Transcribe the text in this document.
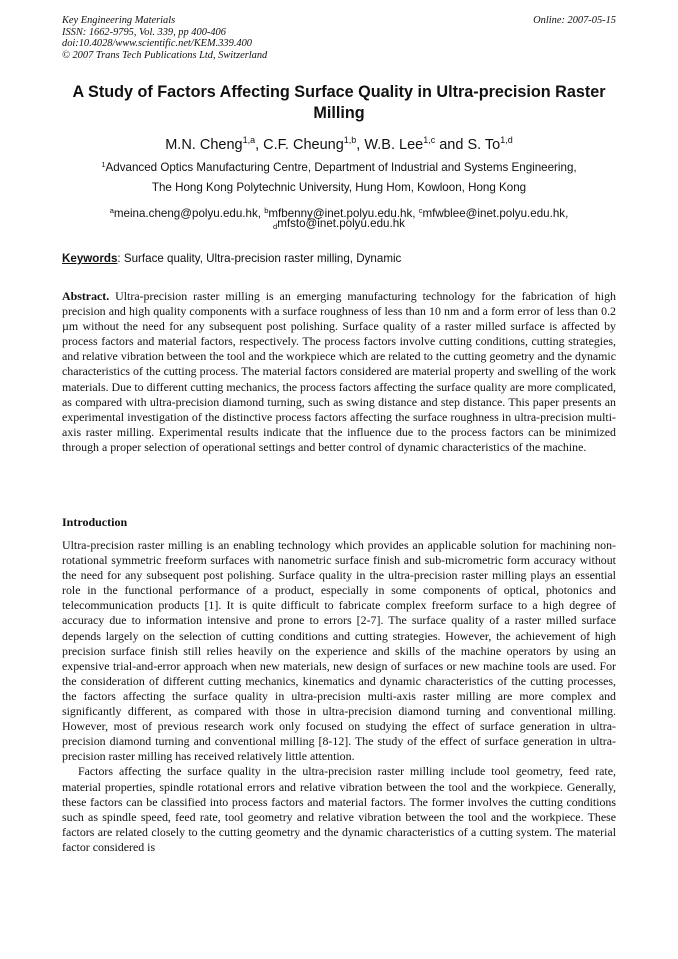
Key Engineering Materials
ISSN: 1662-9795, Vol. 339, pp 400-406
doi:10.4028/www.scientific.net/KEM.339.400
© 2007 Trans Tech Publications Ltd, Switzerland
Online: 2007-05-15
A Study of Factors Affecting Surface Quality in Ultra-precision Raster Milling
M.N. Cheng$^{1,a}$, C.F. Cheung$^{1,b}$, W.B. Lee$^{1,c}$ and S. To$^{1,d}$
$^1$Advanced Optics Manufacturing Centre, Department of Industrial and Systems Engineering,
The Hong Kong Polytechnic University, Hung Hom, Kowloon, Hong Kong
$^a$meina.cheng@polyu.edu.hk, $^b$mfbenny@inet.polyu.edu.hk, $^c$mfwblee@inet.polyu.edu.hk,
$_d$mfsto@inet.polyu.edu.hk
Keywords: Surface quality, Ultra-precision raster milling, Dynamic

Abstract. Ultra-precision raster milling is an emerging manufacturing technology for the fabrication of high precision and high quality components with a surface roughness of less than 10 nm and a form error of less than 0.2 µm without the need for any subsequent post polishing. Surface quality of a raster milled surface is affected by process factors and material factors, respectively. The process factors involve cutting conditions, cutting strategies, and relative vibration between the tool and the workpiece which are related to the cutting geometry and the dynamic characteristics of the cutting process. The material factors considered are material property and swelling of the work materials. Due to different cutting mechanics, the process factors affecting the surface quality are more complicated, as compared with ultra-precision diamond turning, such as swing distance and step distance. This paper presents an experimental investigation of the distinctive process factors affecting the surface roughness in ultra-precision multi-axis raster milling. Experimental results indicate that the influence due to the process factors can be minimized through a proper selection of operational settings and better control of dynamic characteristics of the machine.

Introduction

Ultra-precision raster milling is an enabling technology which provides an applicable solution for machining non-rotational symmetric freeform surfaces with nanometric surface finish and sub-micrometric form accuracy without the need for any subsequent post polishing. Surface quality in the ultra-precision raster milling plays an essential role in the functional performance of a product, especially in some components of optical, photonics and telecommunication products [1]. It is quite difficult to fabricate complex freeform surface to a high degree of accuracy due to information intensive and prone to errors [2-7]. The surface quality of a raster milled surface depends largely on the selection of cutting conditions and cutting strategies. However, the achievement of high precision surface finish still relies heavily on the experience and skills of the machine operators by using an expensive trial-and-error approach when new materials, new design of surfaces or new machine tools are used. For the consideration of different cutting mechanics, kinematics and dynamic characteristics of the cutting processes, the factors affecting the surface quality in ultra-precision multi-axis raster milling are more complex and significantly different, as compared with those in ultra-precision diamond turning and conventional milling. However, most of previous research work only focused on studying the effect of surface generation in ultra-precision diamond turning and conventional milling [8-12]. The study of the effect of surface generation in ultra-precision raster milling has received relatively little attention.

Factors affecting the surface quality in the ultra-precision raster milling include tool geometry, feed rate, material properties, spindle rotational errors and relative vibration between the tool and the workpiece. Generally, these factors can be classified into process factors and material factors. The former involves the cutting conditions such as spindle speed, feed rate, tool geometry and relative vibration between the tool and the workpiece. These factors are related closely to the cutting geometry and the dynamic characteristics of a cutting system. The material factor considered is
